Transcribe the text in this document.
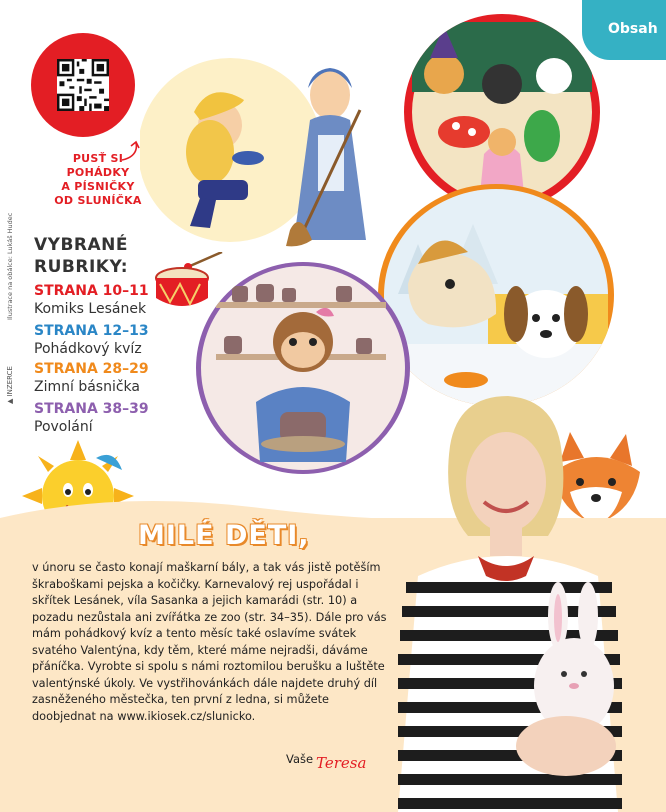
Obsah
PUSŤ SI
POHÁDKY
A PÍSNIČKY
OD SLUNÍČKA
Ilustrace na obálce: Lukáš Hudec
▲ INZERCE
VYBRANÉ
RUBRIKY:
STRANA 10–11
Komiks Lesánek
STRANA 12–13
Pohádkový kvíz
STRANA 28–29
Zimní básnička
STRANA 38–39
Povolání
MILÉ DĚTI,
v únoru se často konají maškarní bály, a tak vás jistě potěším škraboškami pejska a kočičky. Karnevalový rej uspořádal i skřítek Lesánek, víla Sasanka a jejich kamarádi (str. 10) a pozadu nezůstala ani zvířátka ze zoo (str. 34–35). Dále pro vás mám pohádkový kvíz a tento měsíc také oslavíme svátek svatého Valentýna, kdy těm, které máme nejradši, dáváme přáníčka. Vyrobte si spolu s námi roztomilou berušku a luštěte valentýnské úkoly. Ve vystřihovánkách dále najdete druhý díl zasněženého městečka, ten první z ledna, si můžete doobjednat na www.ikiosek.cz/slunicko.
Vaše Teresa
